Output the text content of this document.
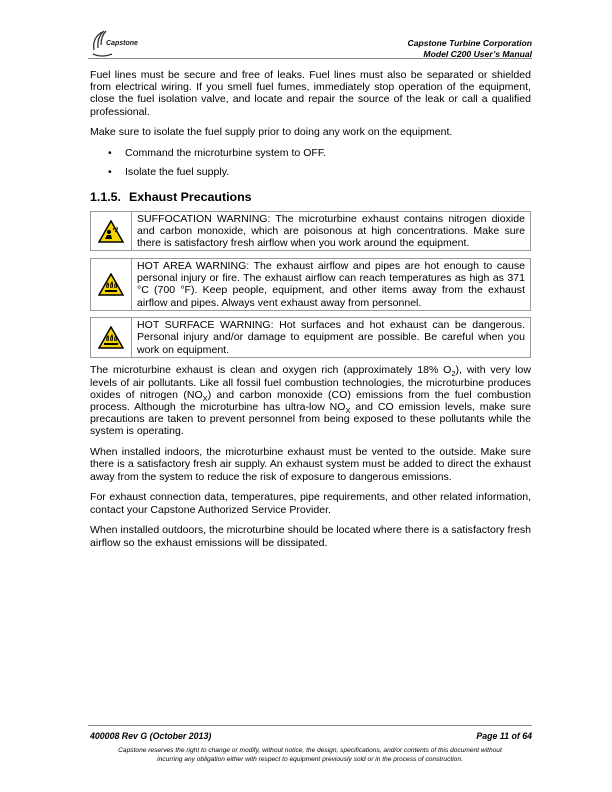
Capstone	Capstone Turbine Corporation
Model C200 User’s Manual

Fuel lines must be secure and free of leaks. Fuel lines must also be separated or shielded from electrical wiring. If you smell fuel fumes, immediately stop operation of the equipment, close the fuel isolation valve, and locate and repair the source of the leak or call a qualified professional.

Make sure to isolate the fuel supply prior to doing any work on the equipment.

• Command the microturbine system to OFF.
• Isolate the fuel supply.
1.1.5. Exhaust Precautions
SUFFOCATION WARNING: The microturbine exhaust contains nitrogen dioxide and carbon monoxide, which are poisonous at high concentrations. Make sure there is satisfactory fresh airflow when you work around the equipment.
HOT AREA WARNING: The exhaust airflow and pipes are hot enough to cause personal injury or fire. The exhaust airflow can reach temperatures as high as 371 °C (700 °F). Keep people, equipment, and other items away from the exhaust airflow and pipes. Always vent exhaust away from personnel.
HOT SURFACE WARNING: Hot surfaces and hot exhaust can be dangerous. Personal injury and/or damage to equipment are possible. Be careful when you work on equipment.

The microturbine exhaust is clean and oxygen rich (approximately 18% $O_2$), with very low levels of air pollutants. Like all fossil fuel combustion technologies, the microturbine produces oxides of nitrogen $(NO_X)$ and carbon monoxide (CO) emissions from the fuel combustion process. Although the microturbine has ultra-low $NO_X$ and CO emission levels, make sure precautions are taken to prevent personnel from being exposed to these pollutants while the system is operating.

When installed indoors, the microturbine exhaust must be vented to the outside. Make sure there is a satisfactory fresh air supply. An exhaust system must be added to direct the exhaust away from the system to reduce the risk of exposure to dangerous emissions.

For exhaust connection data, temperatures, pipe requirements, and other related information, contact your Capstone Authorized Service Provider.

When installed outdoors, the microturbine should be located where there is a satisfactory fresh airflow so the exhaust emissions will be dissipated.

400008 Rev G (October 2013)	Page 11 of 64
Capstone reserves the right to change or modify, without notice, the design, specifications, and/or contents of this document without
incurring any obligation either with respect to equipment previously sold or in the process of construction.
